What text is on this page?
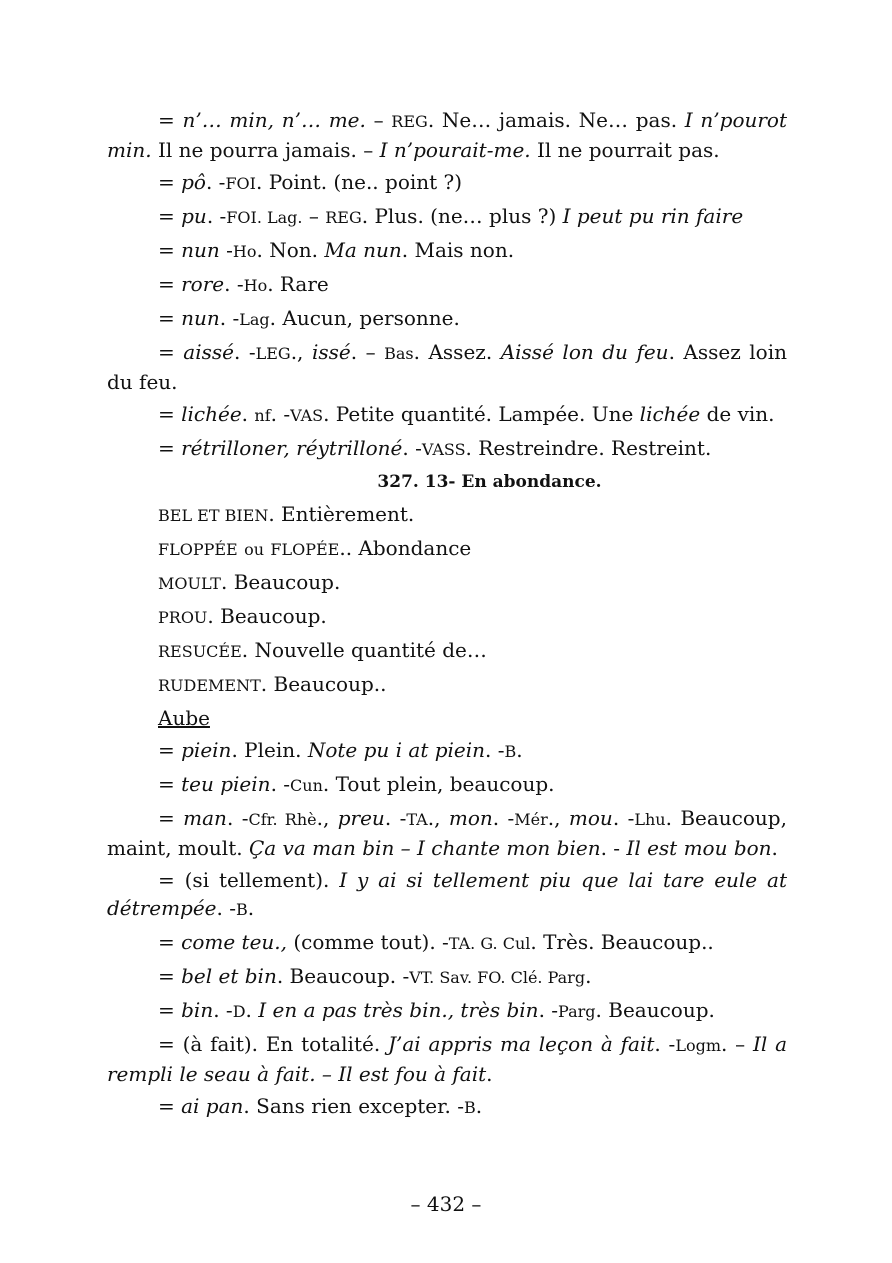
= n’… min, n’… me. – REG. Ne… jamais. Ne… pas. I n’pourot min. Il ne pourra jamais. – I n’pourait-me. Il ne pourrait pas.
= pô. -FOI. Point. (ne.. point ?)
= pu. -FOI. Lag. – REG. Plus. (ne… plus ?) I peut pu rin faire
= nun -Ho. Non. Ma nun. Mais non.
= rore. -Ho. Rare
= nun. -Lag. Aucun, personne.
= aissé. -LEG., issé. – Bas. Assez. Aissé lon du feu. Assez loin du feu.
= lichée. nf. -VAS. Petite quantité. Lampée. Une lichée de vin.
= rétrilloner, réytrilloné. -VASS. Restreindre. Restreint.
327. 13- En abondance.
BEL ET BIEN. Entièrement.
FLOPPÉE ou FLOPÉE.. Abondance
MOULT. Beaucoup.
PROU. Beaucoup.
RESUCÉE. Nouvelle quantité de…
RUDEMENT. Beaucoup..
Aube
= piein. Plein. Note pu i at piein. -B.
= teu piein. -Cun. Tout plein, beaucoup.
= man. -Cfr. Rhè., preu. -TA., mon. -Mér., mou. -Lhu. Beaucoup, maint, moult. Ça va man bin – I chante mon bien. - Il est mou bon.
= (si tellement). I y ai si tellement piu que lai tare eule at détrempée. -B.
= come teu., (comme tout). -TA. G. Cul. Très. Beaucoup..
= bel et bin. Beaucoup. -VT. Sav. FO. Clé. Parg.
= bin. -D. I en a pas très bin., très bin. -Parg. Beaucoup.
= (à fait). En totalité. J’ai appris ma leçon à fait. -Logm. – Il a rempli le seau à fait. – Il est fou à fait.
= ai pan. Sans rien excepter. -B.
– 432 –
